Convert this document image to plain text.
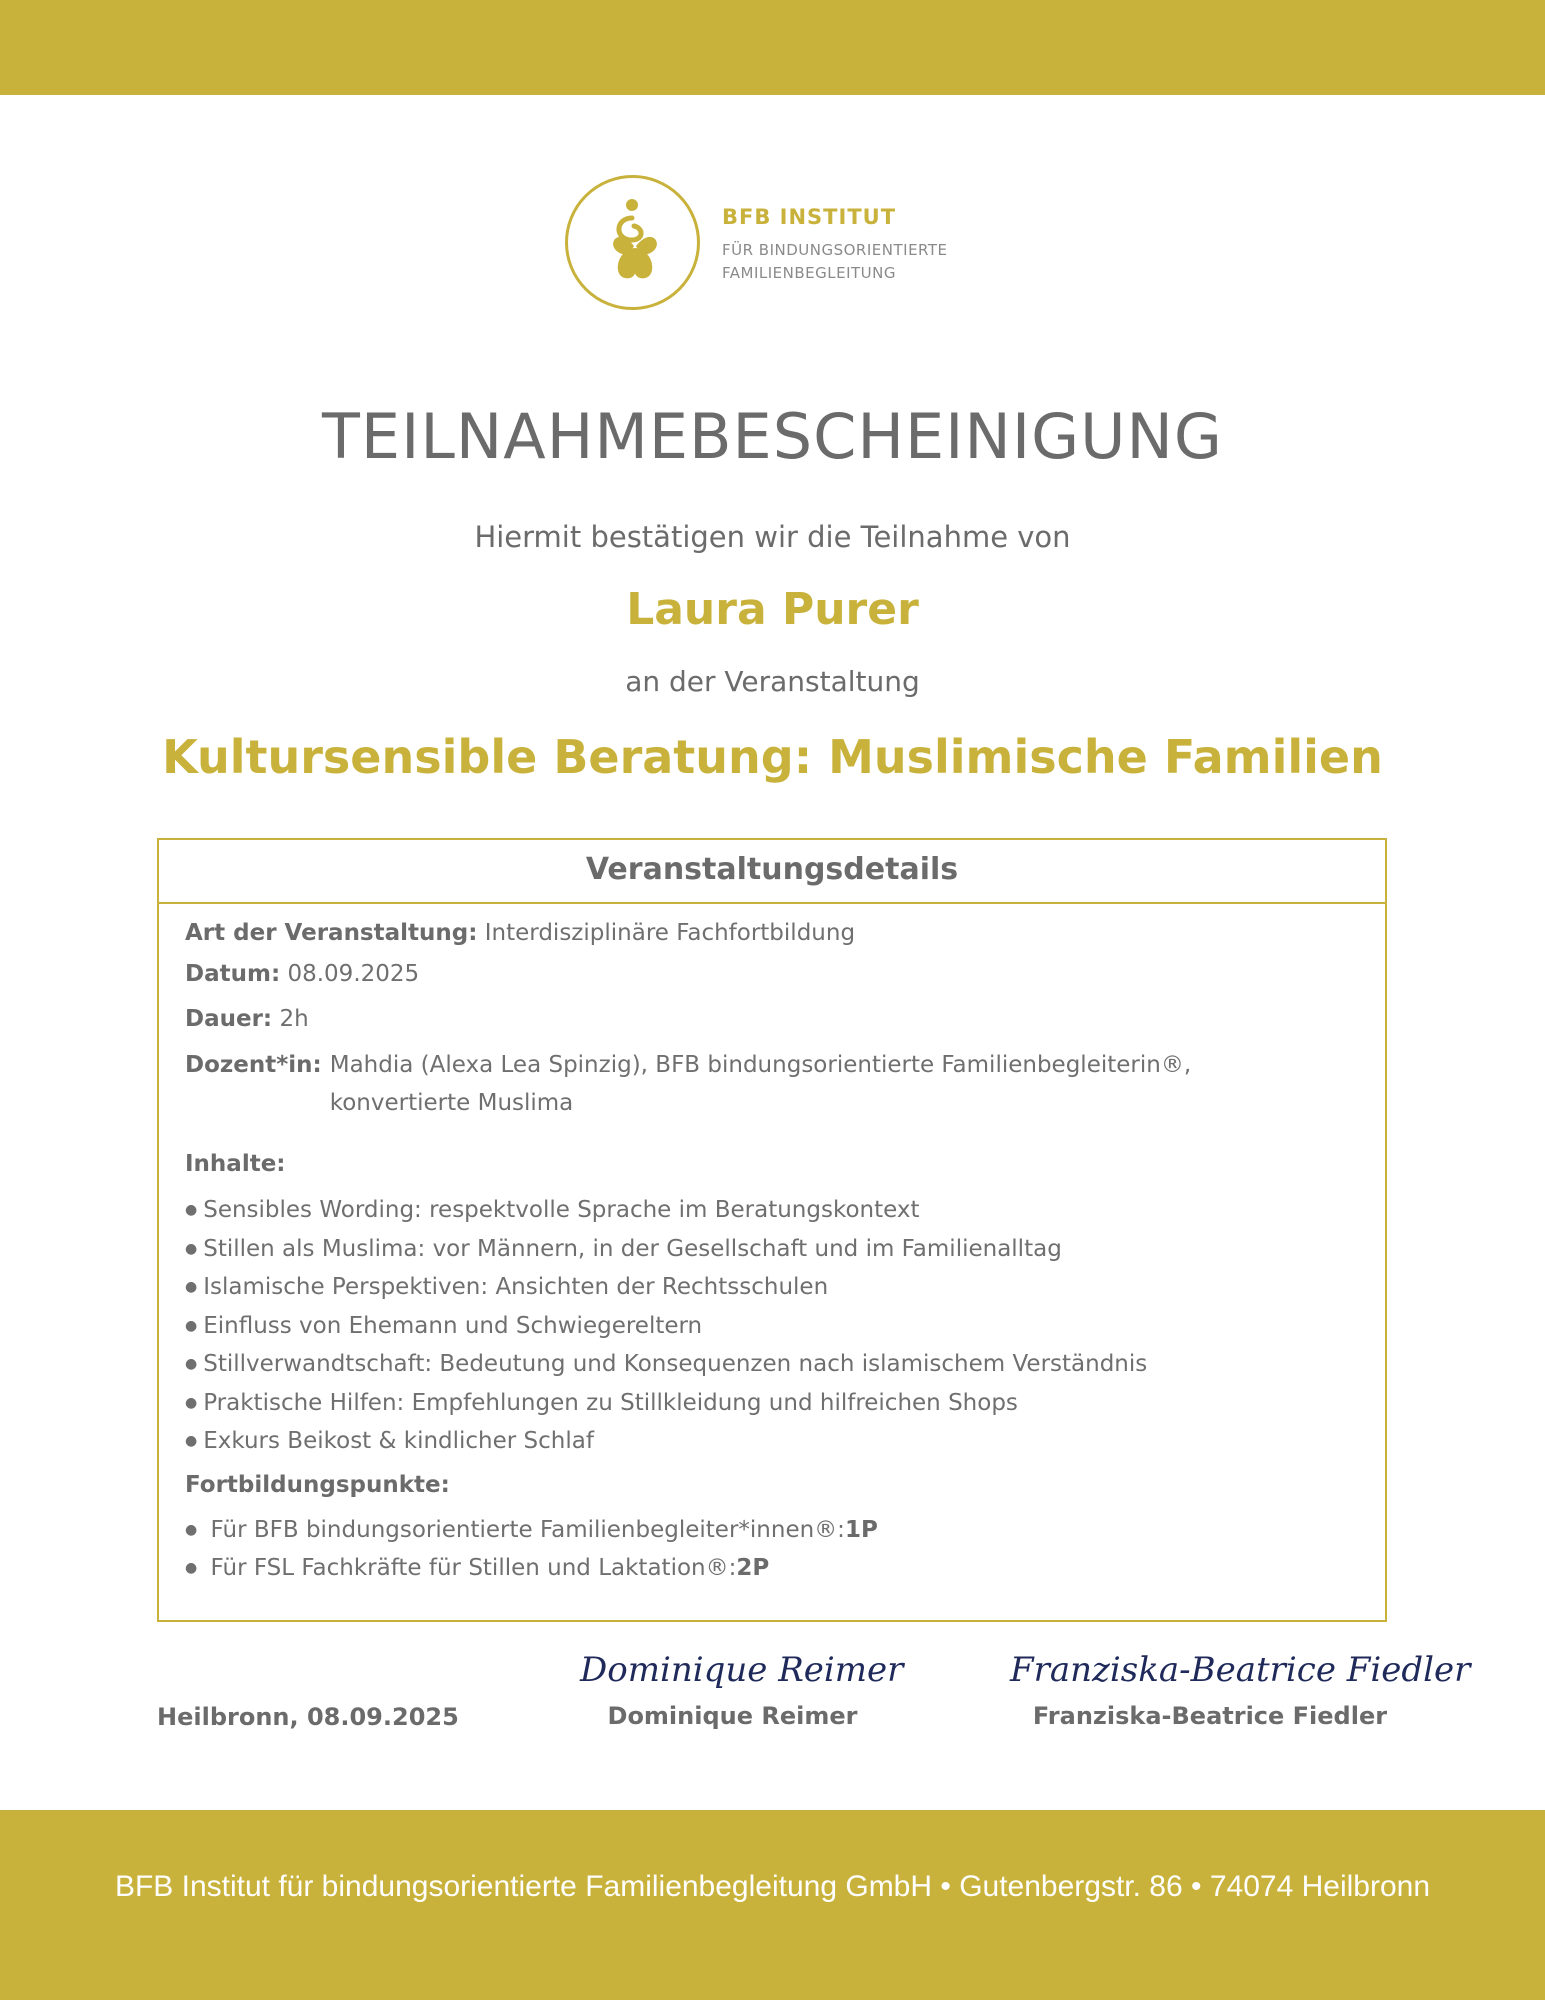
BFB INSTITUT
FÜR BINDUNGSORIENTIERTE
FAMILIENBEGLEITUNG
TEILNAHMEBESCHEINIGUNG
Hiermit bestätigen wir die Teilnahme von
Laura Purer
an der Veranstaltung
Kultursensible Beratung: Muslimische Familien
Veranstaltungsdetails
Art der Veranstaltung: Interdisziplinäre Fachfortbildung
Datum: 08.09.2025
Dauer: 2h
Dozent*in: Mahdia (Alexa Lea Spinzig), BFB bindungsorientierte Familienbegleiterin®,
konvertierte Muslima
Inhalte:
● Sensibles Wording: respektvolle Sprache im Beratungskontext
● Stillen als Muslima: vor Männern, in der Gesellschaft und im Familienalltag
● Islamische Perspektiven: Ansichten der Rechtsschulen
● Einfluss von Ehemann und Schwiegereltern
● Stillverwandtschaft: Bedeutung und Konsequenzen nach islamischem Verständnis
● Praktische Hilfen: Empfehlungen zu Stillkleidung und hilfreichen Shops
● Exkurs Beikost & kindlicher Schlaf
Fortbildungspunkte:
● Für BFB bindungsorientierte Familienbegleiter*innen®:1P
● Für FSL Fachkräfte für Stillen und Laktation®:2P
Heilbronn, 08.09.2025
Dominique Reimer
Dominique Reimer
Franziska-Beatrice Fiedler
Franziska-Beatrice Fiedler
BFB Institut für bindungsorientierte Familienbegleitung GmbH • Gutenbergstr. 86 • 74074 Heilbronn
